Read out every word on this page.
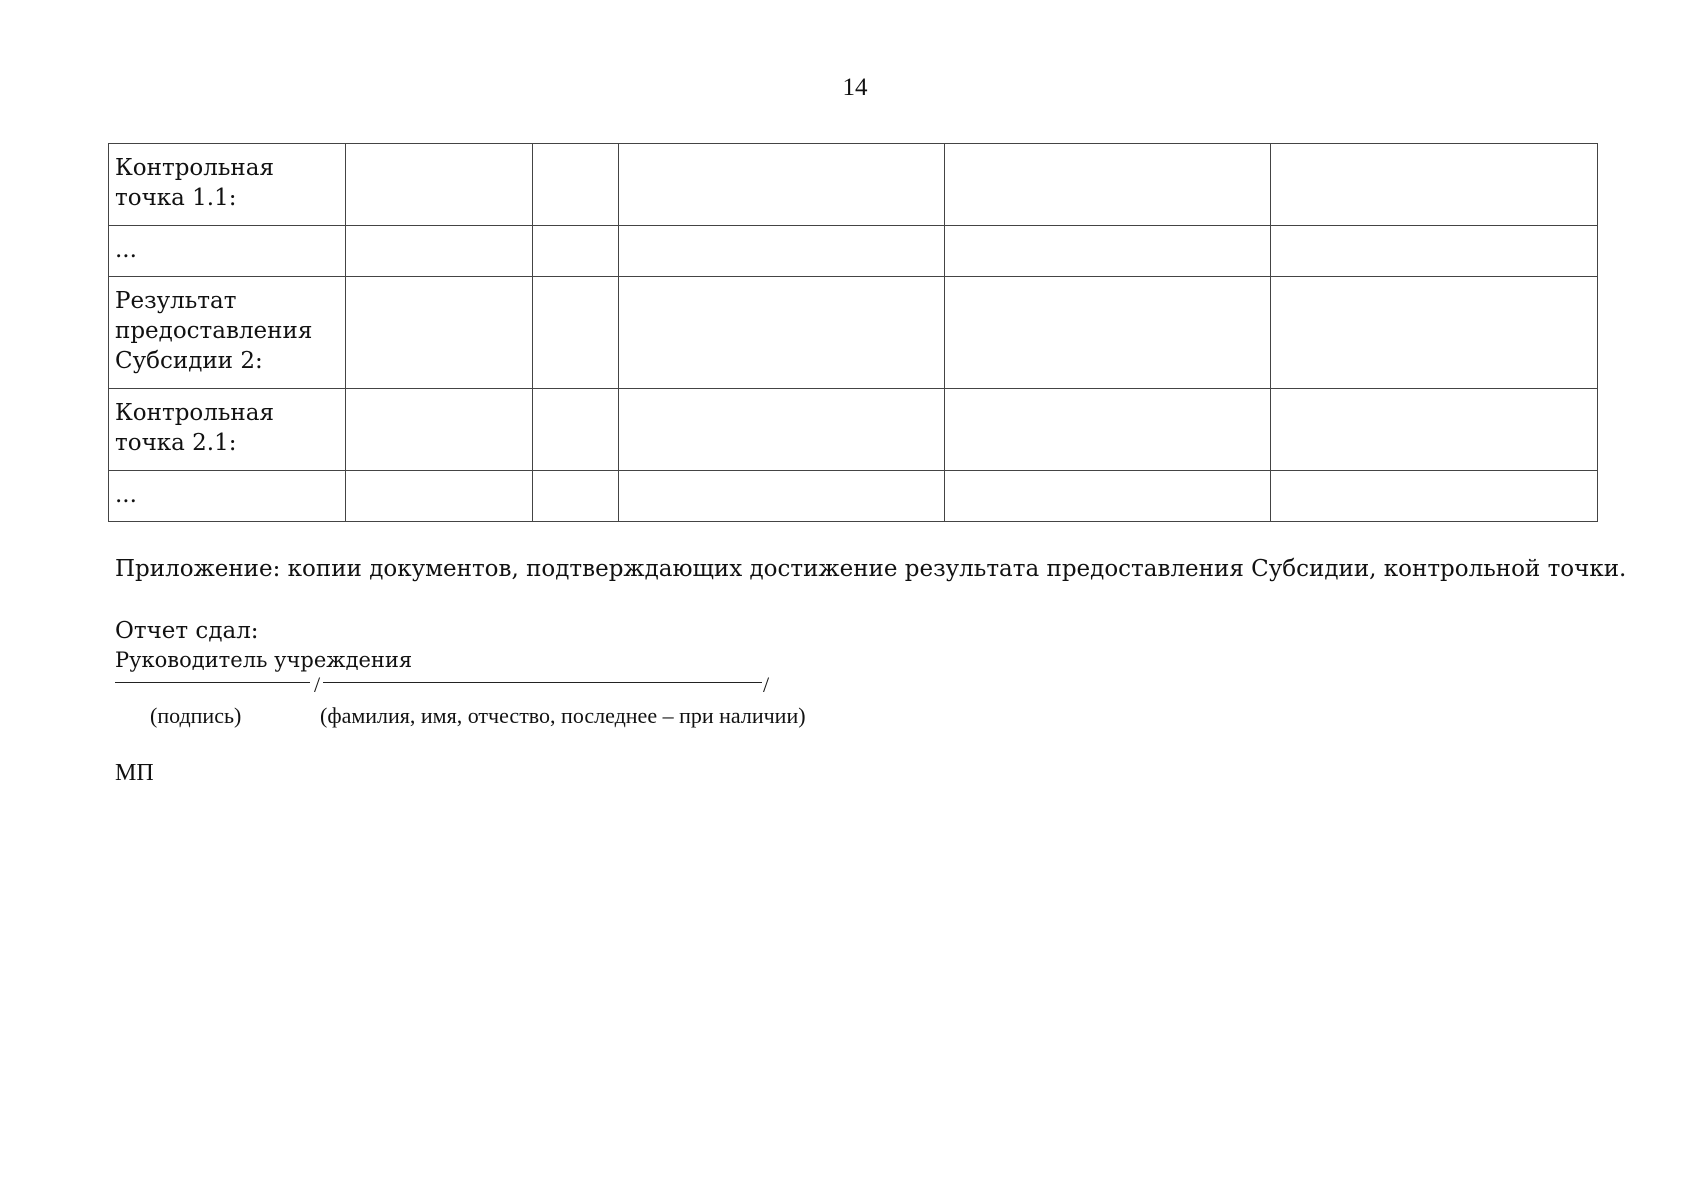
14
Контрольная точка 1.1:					
...					
Результат предоставления Субсидии 2:					
Контрольная точка 2.1:					
...					
Приложение: копии документов, подтверждающих достижение результата предоставления Субсидии, контрольной точки.
Отчет сдал:
Руководитель учреждения
/	/
(подпись)	(фамилия, имя, отчество, последнее – при наличии)
МП
